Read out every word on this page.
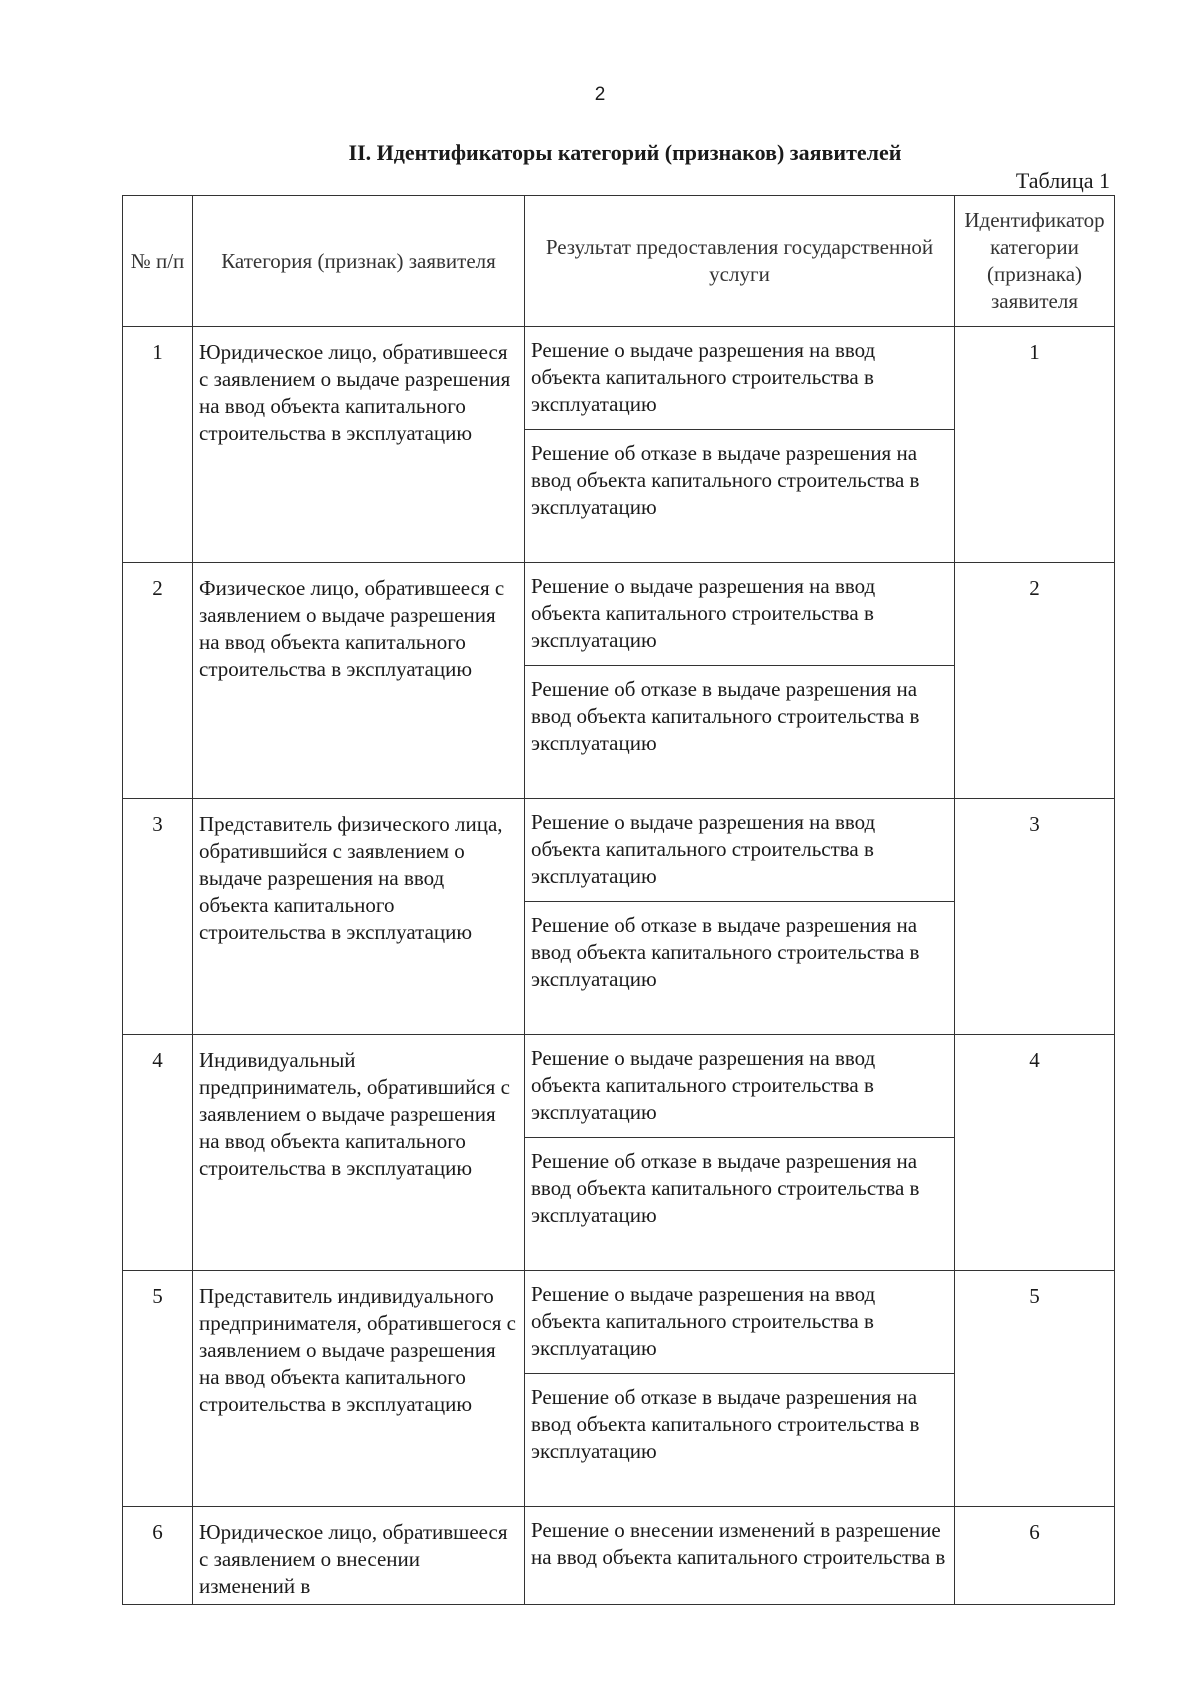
2
II. Идентификаторы категорий (признаков) заявителей
Таблица 1
№ п/п	Категория (признак) заявителя	Результат предоставления государственной услуги	Идентификатор категории (признака) заявителя
1	Юридическое лицо, обратившееся с заявлением о выдаче разрешения на ввод объекта капитального строительства в эксплуатацию	Решение о выдаче разрешения на ввод объекта капитального строительства в эксплуатацию	1
		Решение об отказе в выдаче разрешения на ввод объекта капитального строительства в эксплуатацию	
2	Физическое лицо, обратившееся с заявлением о выдаче разрешения на ввод объекта капитального строительства в эксплуатацию	Решение о выдаче разрешения на ввод объекта капитального строительства в эксплуатацию	2
		Решение об отказе в выдаче разрешения на ввод объекта капитального строительства в эксплуатацию	
3	Представитель физического лица, обратившийся с заявлением о выдаче разрешения на ввод объекта капитального строительства в эксплуатацию	Решение о выдаче разрешения на ввод объекта капитального строительства в эксплуатацию	3
		Решение об отказе в выдаче разрешения на ввод объекта капитального строительства в эксплуатацию	
4	Индивидуальный предприниматель, обратившийся с заявлением о выдаче разрешения на ввод объекта капитального строительства в эксплуатацию	Решение о выдаче разрешения на ввод объекта капитального строительства в эксплуатацию	4
		Решение об отказе в выдаче разрешения на ввод объекта капитального строительства в эксплуатацию	
5	Представитель индивидуального предпринимателя, обратившегося с заявлением о выдаче разрешения на ввод объекта капитального строительства в эксплуатацию	Решение о выдаче разрешения на ввод объекта капитального строительства в эксплуатацию	5
		Решение об отказе в выдаче разрешения на ввод объекта капитального строительства в эксплуатацию	
6	Юридическое лицо, обратившееся с заявлением о внесении изменений в	Решение о внесении изменений в разрешение на ввод объекта капитального строительства в	6
